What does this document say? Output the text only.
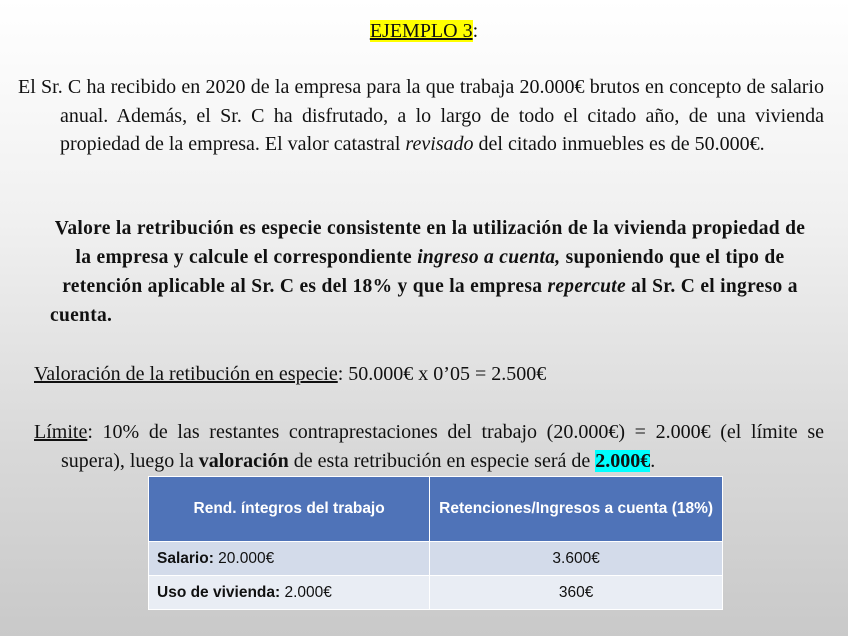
EJEMPLO 3:
El Sr. C ha recibido en 2020 de la empresa para la que trabaja 20.000€ brutos en concepto de salario anual. Además, el Sr. C ha disfrutado, a lo largo de todo el citado año, de una vivienda propiedad de la empresa. El valor catastral revisado del citado inmuebles es de 50.000€.
Valore la retribución es especie consistente en la utilización de la vivienda propiedad de la empresa y calcule el correspondiente ingreso a cuenta, suponiendo que el tipo de retención aplicable al Sr. C es del 18% y que la empresa repercute al Sr. C el ingreso a cuenta.
Valoración de la retibución en especie: 50.000€ x 0’05 = 2.500€
Límite: 10% de las restantes contraprestaciones del trabajo (20.000€) = 2.000€ (el límite se supera), luego la valoración de esta retribución en especie será de 2.000€.
Rend. íntegros del trabajo	Retenciones/Ingresos a cuenta (18%)
Salario: 20.000€	3.600€
Uso de vivienda: 2.000€	360€
